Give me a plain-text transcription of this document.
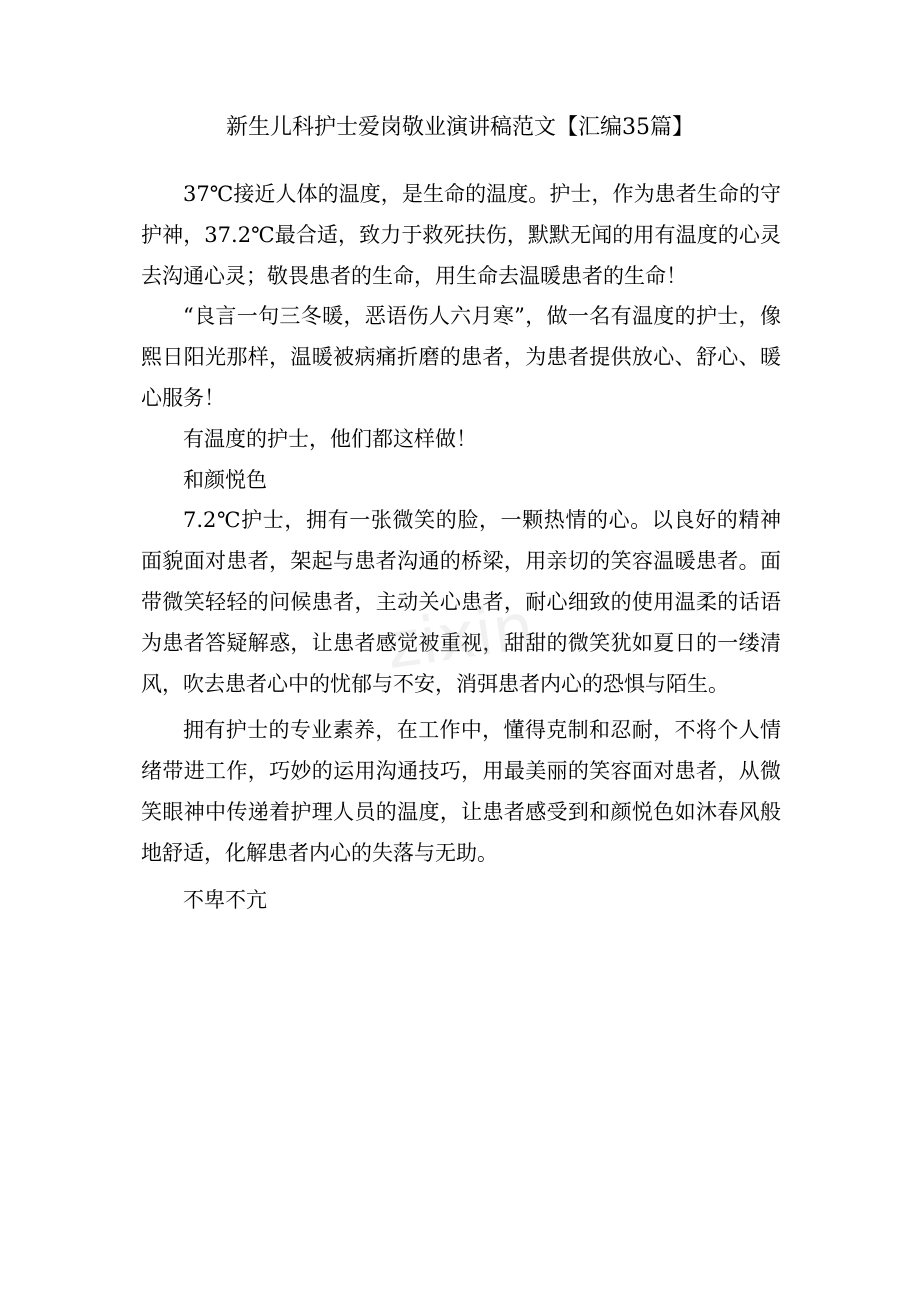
新生儿科护士爱岗敬业演讲稿范文【汇编35篇】

37℃接近人体的温度，是生命的温度。护士，作为患者生命的守护神，37.2℃最合适，致力于救死扶伤，默默无闻的用有温度的心灵去沟通心灵；敬畏患者的生命，用生命去温暖患者的生命！

“良言一句三冬暖，恶语伤人六月寒”，做一名有温度的护士，像熙日阳光那样，温暖被病痛折磨的患者，为患者提供放心、舒心、暖心服务！

有温度的护士，他们都这样做！

和颜悦色

7.2℃护士，拥有一张微笑的脸，一颗热情的心。以良好的精神面貌面对患者，架起与患者沟通的桥梁，用亲切的笑容温暖患者。面带微笑轻轻的问候患者，主动关心患者，耐心细致的使用温柔的话语为患者答疑解惑，让患者感觉被重视，甜甜的微笑犹如夏日的一缕清风，吹去患者心中的忧郁与不安，消弭患者内心的恐惧与陌生。

拥有护士的专业素养，在工作中，懂得克制和忍耐，不将个人情绪带进工作，巧妙的运用沟通技巧，用最美丽的笑容面对患者，从微笑眼神中传递着护理人员的温度，让患者感受到和颜悦色如沐春风般地舒适，化解患者内心的失落与无助。

不卑不亢

zixin
